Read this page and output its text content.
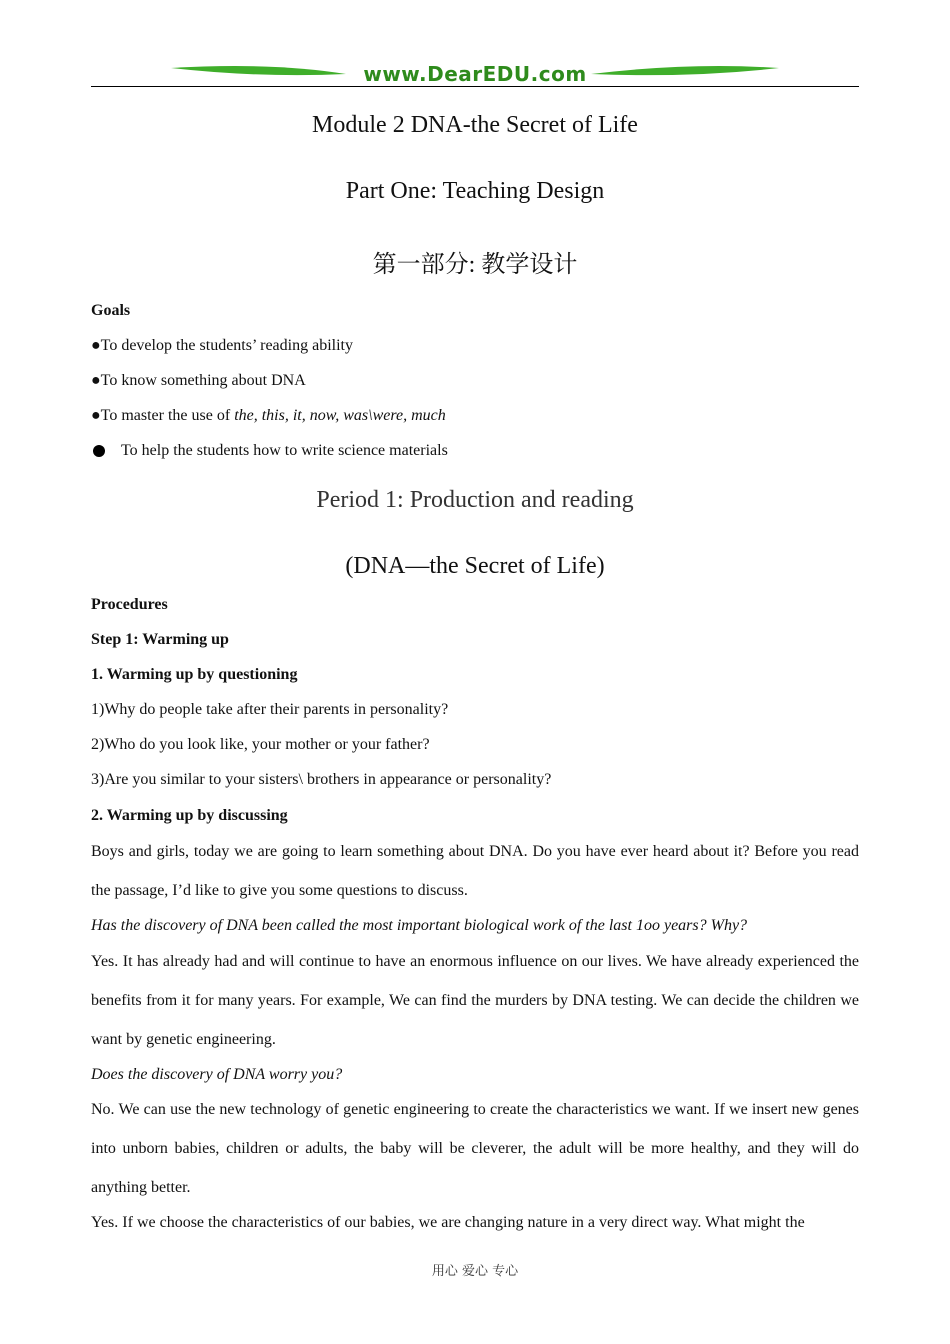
www.DearEDU.com
Module 2 DNA-the Secret of Life
Part One: Teaching Design
第一部分: 教学设计
Goals
●To develop the students’ reading ability
●To know something about DNA
●To master the use of the, this, it, now, was\were, much
To help the students how to write science materials
Period 1: Production and reading
(DNA—the Secret of Life)
Procedures
Step 1: Warming up
1. Warming up by questioning
1)Why do people take after their parents in personality?
2)Who do you look like, your mother or your father?
3)Are you similar to your sisters\ brothers in appearance or personality?
2. Warming up by discussing
Boys and girls, today we are going to learn something about DNA. Do you have ever heard about it? Before you read the passage, I’d like to give you some questions to discuss.
Has the discovery of DNA been called the most important biological work of the last 1oo years? Why?
Yes. It has already had and will continue to have an enormous influence on our lives. We have already experienced the benefits from it for many years. For example, We can find the murders by DNA testing. We can decide the children we want by genetic engineering.
Does the discovery of DNA worry you?
No. We can use the new technology of genetic engineering to create the characteristics we want. If we insert new genes into unborn babies, children or adults, the baby will be cleverer, the adult will be more healthy, and they will do anything better.
Yes. If we choose the characteristics of our babies, we are changing nature in a very direct way. What might the
用心 爱心 专心
